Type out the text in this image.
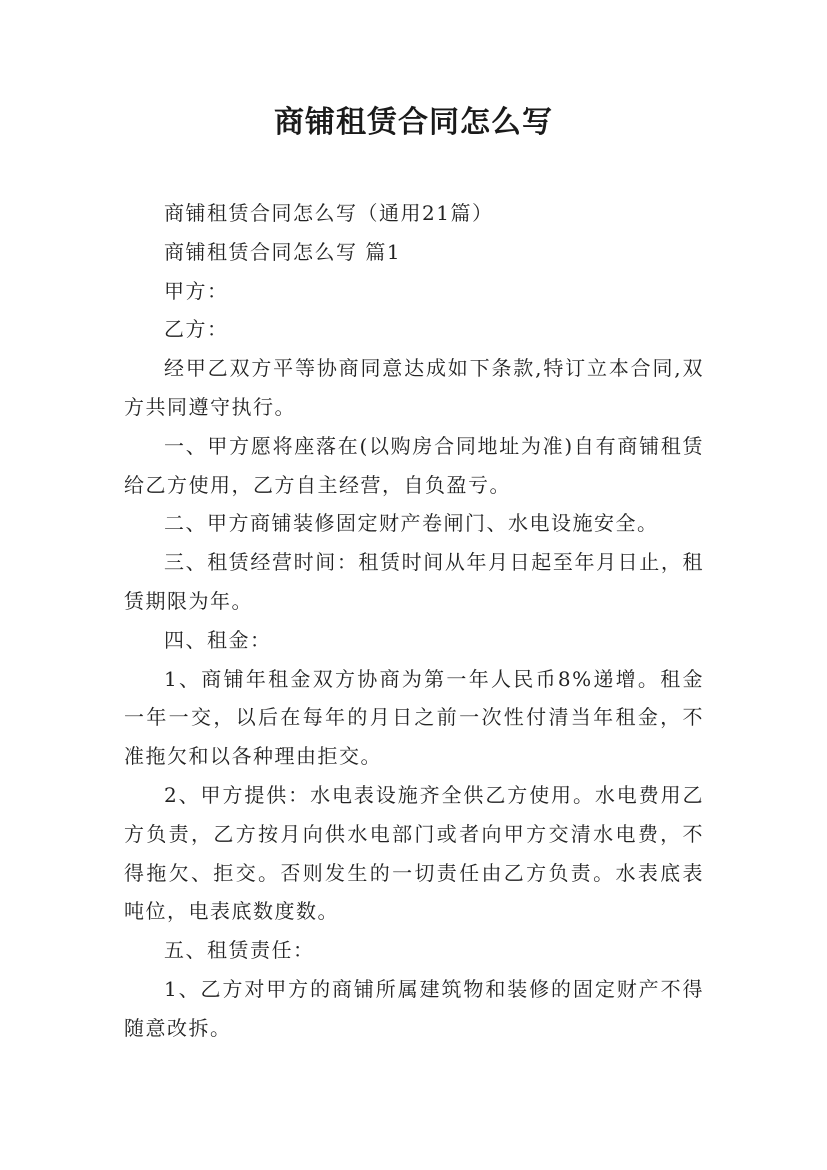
商铺租赁合同怎么写

商铺租赁合同怎么写（通用21篇）

商铺租赁合同怎么写 篇1

甲方：

乙方：

经甲乙双方平等协商同意达成如下条款,特订立本合同,双方共同遵守执行。

一、甲方愿将座落在(以购房合同地址为准)自有商铺租赁给乙方使用，乙方自主经营，自负盈亏。

二、甲方商铺装修固定财产卷闸门、水电设施安全。

三、租赁经营时间：租赁时间从年月日起至年月日止，租赁期限为年。

四、租金：

1、商铺年租金双方协商为第一年人民币8%递增。租金一年一交，以后在每年的月日之前一次性付清当年租金，不准拖欠和以各种理由拒交。

2、甲方提供：水电表设施齐全供乙方使用。水电费用乙方负责，乙方按月向供水电部门或者向甲方交清水电费，不得拖欠、拒交。否则发生的一切责任由乙方负责。水表底表吨位，电表底数度数。

五、租赁责任：

1、乙方对甲方的商铺所属建筑物和装修的固定财产不得随意改拆。
